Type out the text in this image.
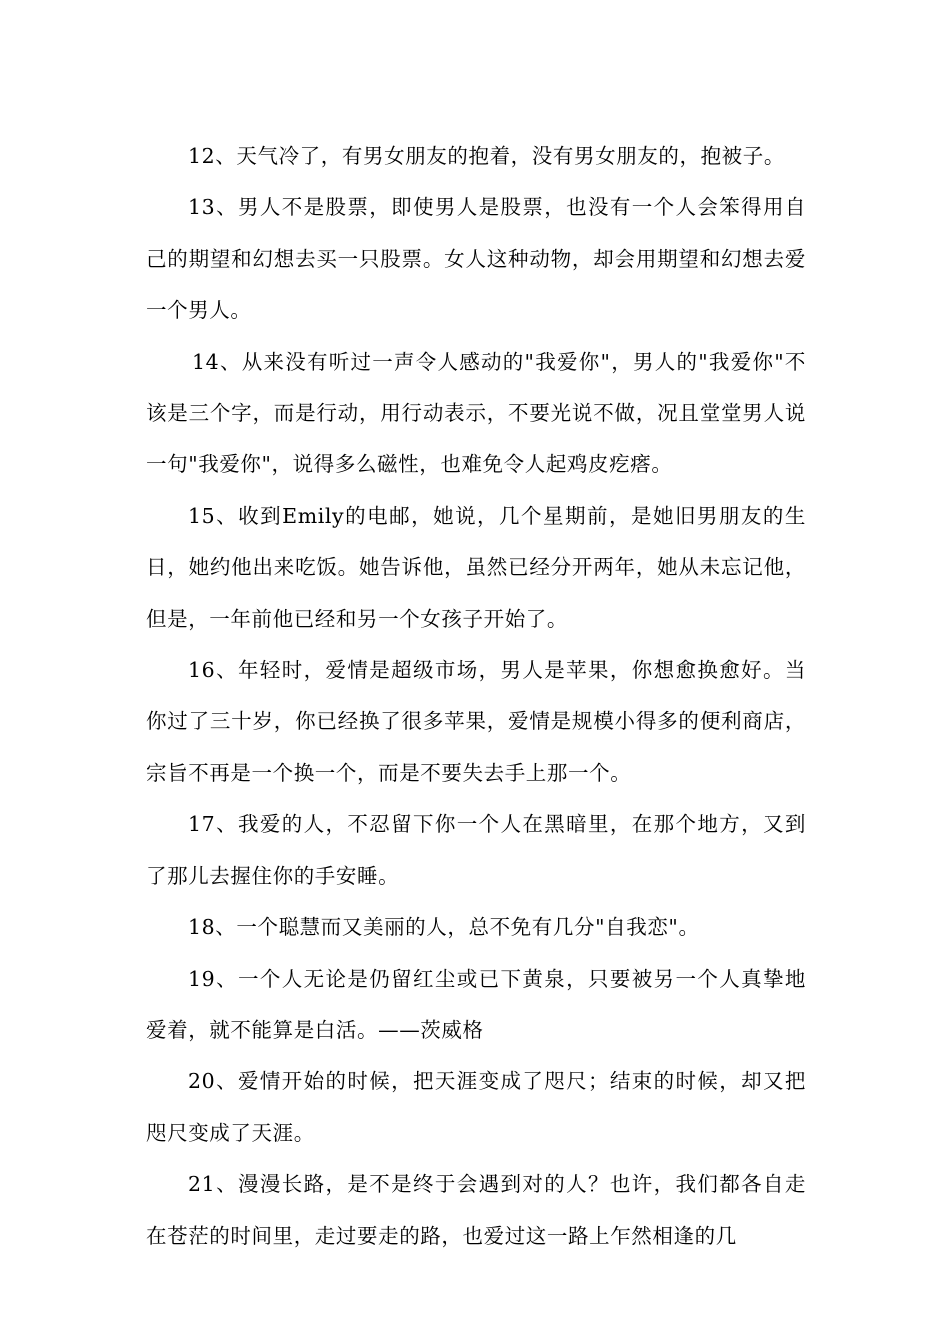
12、天气冷了，有男女朋友的抱着，没有男女朋友的，抱被子。

13、男人不是股票，即使男人是股票，也没有一个人会笨得用自己的期望和幻想去买一只股票。女人这种动物，却会用期望和幻想去爱一个男人。

14、从来没有听过一声令人感动的"我爱你"，男人的"我爱你"不该是三个字，而是行动，用行动表示，不要光说不做，况且堂堂男人说一句"我爱你"，说得多么磁性，也难免令人起鸡皮疙瘩。

15、收到Emily的电邮，她说，几个星期前，是她旧男朋友的生日，她约他出来吃饭。她告诉他，虽然已经分开两年，她从未忘记他，但是，一年前他已经和另一个女孩子开始了。

16、年轻时，爱情是超级市场，男人是苹果，你想愈换愈好。当你过了三十岁，你已经换了很多苹果，爱情是规模小得多的便利商店，宗旨不再是一个换一个，而是不要失去手上那一个。

17、我爱的人，不忍留下你一个人在黑暗里，在那个地方，又到了那儿去握住你的手安睡。

18、一个聪慧而又美丽的人，总不免有几分"自我恋"。

19、一个人无论是仍留红尘或已下黄泉，只要被另一个人真挚地爱着，就不能算是白活。——茨威格

20、爱情开始的时候，把天涯变成了咫尺；结束的时候，却又把咫尺变成了天涯。

21、漫漫长路，是不是终于会遇到对的人？也许，我们都各自走在苍茫的时间里，走过要走的路，也爱过这一路上乍然相逢的几
